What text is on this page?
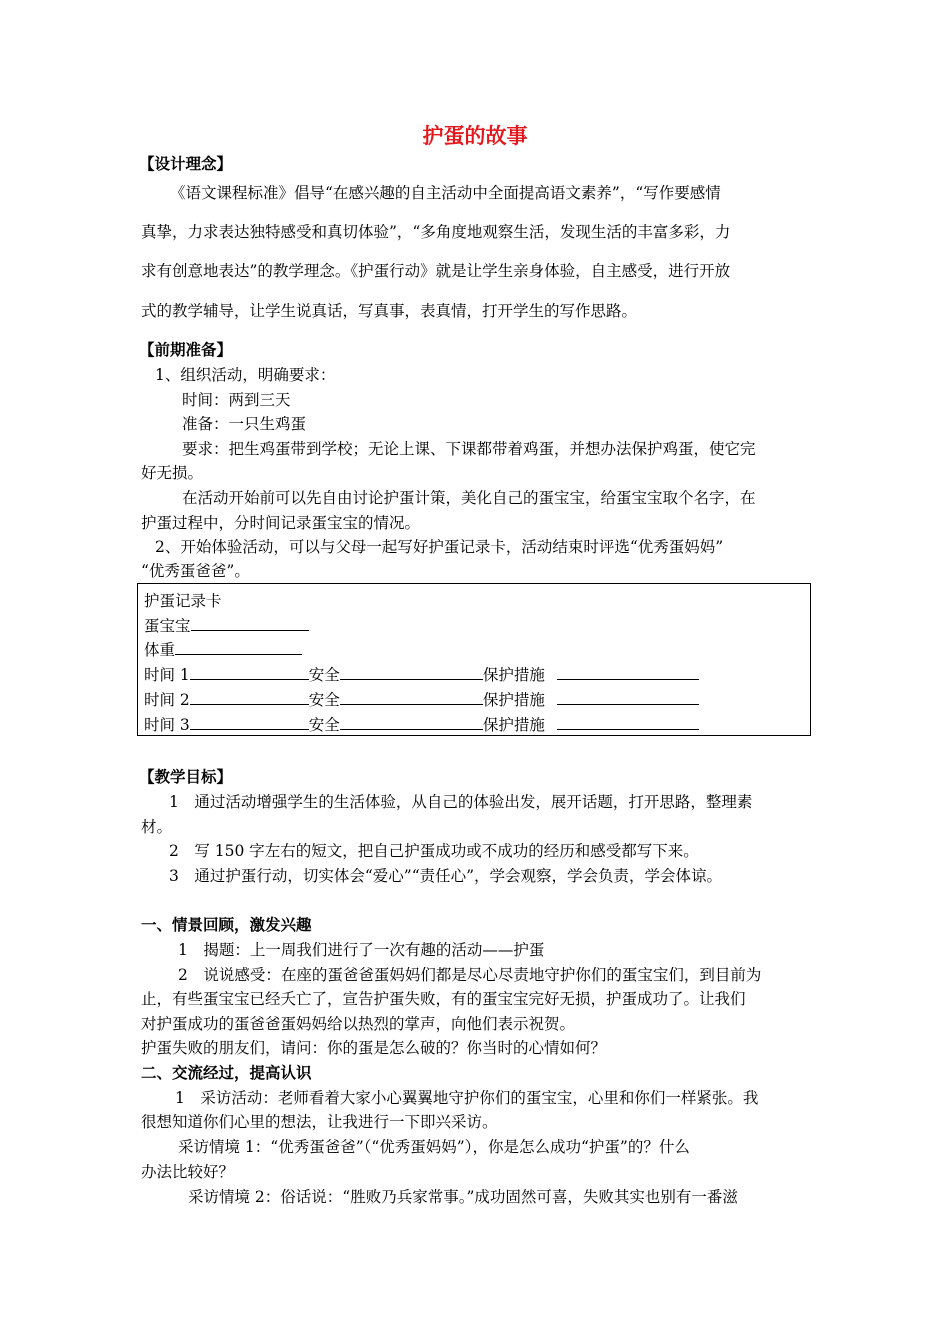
护蛋的故事
【设计理念】
《语文课程标准》倡导“在感兴趣的自主活动中全面提高语文素养”，“写作要感情
真挚，力求表达独特感受和真切体验”，“多角度地观察生活，发现生活的丰富多彩，力
求有创意地表达”的教学理念。《护蛋行动》就是让学生亲身体验，自主感受，进行开放
式的教学辅导，让学生说真话，写真事，表真情，打开学生的写作思路。
【前期准备】
1、组织活动，明确要求：
时间：两到三天
准备：一只生鸡蛋
要求：把生鸡蛋带到学校；无论上课、下课都带着鸡蛋，并想办法保护鸡蛋，使它完
好无损。
在活动开始前可以先自由讨论护蛋计策，美化自己的蛋宝宝，给蛋宝宝取个名字，在
护蛋过程中，分时间记录蛋宝宝的情况。
2、开始体验活动，可以与父母一起写好护蛋记录卡，活动结束时评选“优秀蛋妈妈”
“优秀蛋爸爸”。
护蛋记录卡
蛋宝宝
体重
时间 1	安全	保护措施
时间 2	安全	保护措施
时间 3	安全	保护措施
【教学目标】
1　通过活动增强学生的生活体验，从自己的体验出发，展开话题，打开思路，整理素
材。
2　写 150 字左右的短文，把自己护蛋成功或不成功的经历和感受都写下来。
3　通过护蛋行动，切实体会“爱心”“责任心”，学会观察，学会负责，学会体谅。
一、情景回顾，激发兴趣
1　揭题：上一周我们进行了一次有趣的活动——护蛋
2　说说感受：在座的蛋爸爸蛋妈妈们都是尽心尽责地守护你们的蛋宝宝们，到目前为
止，有些蛋宝宝已经夭亡了，宣告护蛋失败，有的蛋宝宝完好无损，护蛋成功了。让我们
对护蛋成功的蛋爸爸蛋妈妈给以热烈的掌声，向他们表示祝贺。
护蛋失败的朋友们，请问：你的蛋是怎么破的？你当时的心情如何？
二、交流经过，提高认识
1　采访活动：老师看着大家小心翼翼地守护你们的蛋宝宝，心里和你们一样紧张。我
很想知道你们心里的想法，让我进行一下即兴采访。
采访情境 1：“优秀蛋爸爸”（“优秀蛋妈妈”），你是怎么成功“护蛋”的？什么
办法比较好？
采访情境 2：俗话说：“胜败乃兵家常事。”成功固然可喜，失败其实也别有一番滋
